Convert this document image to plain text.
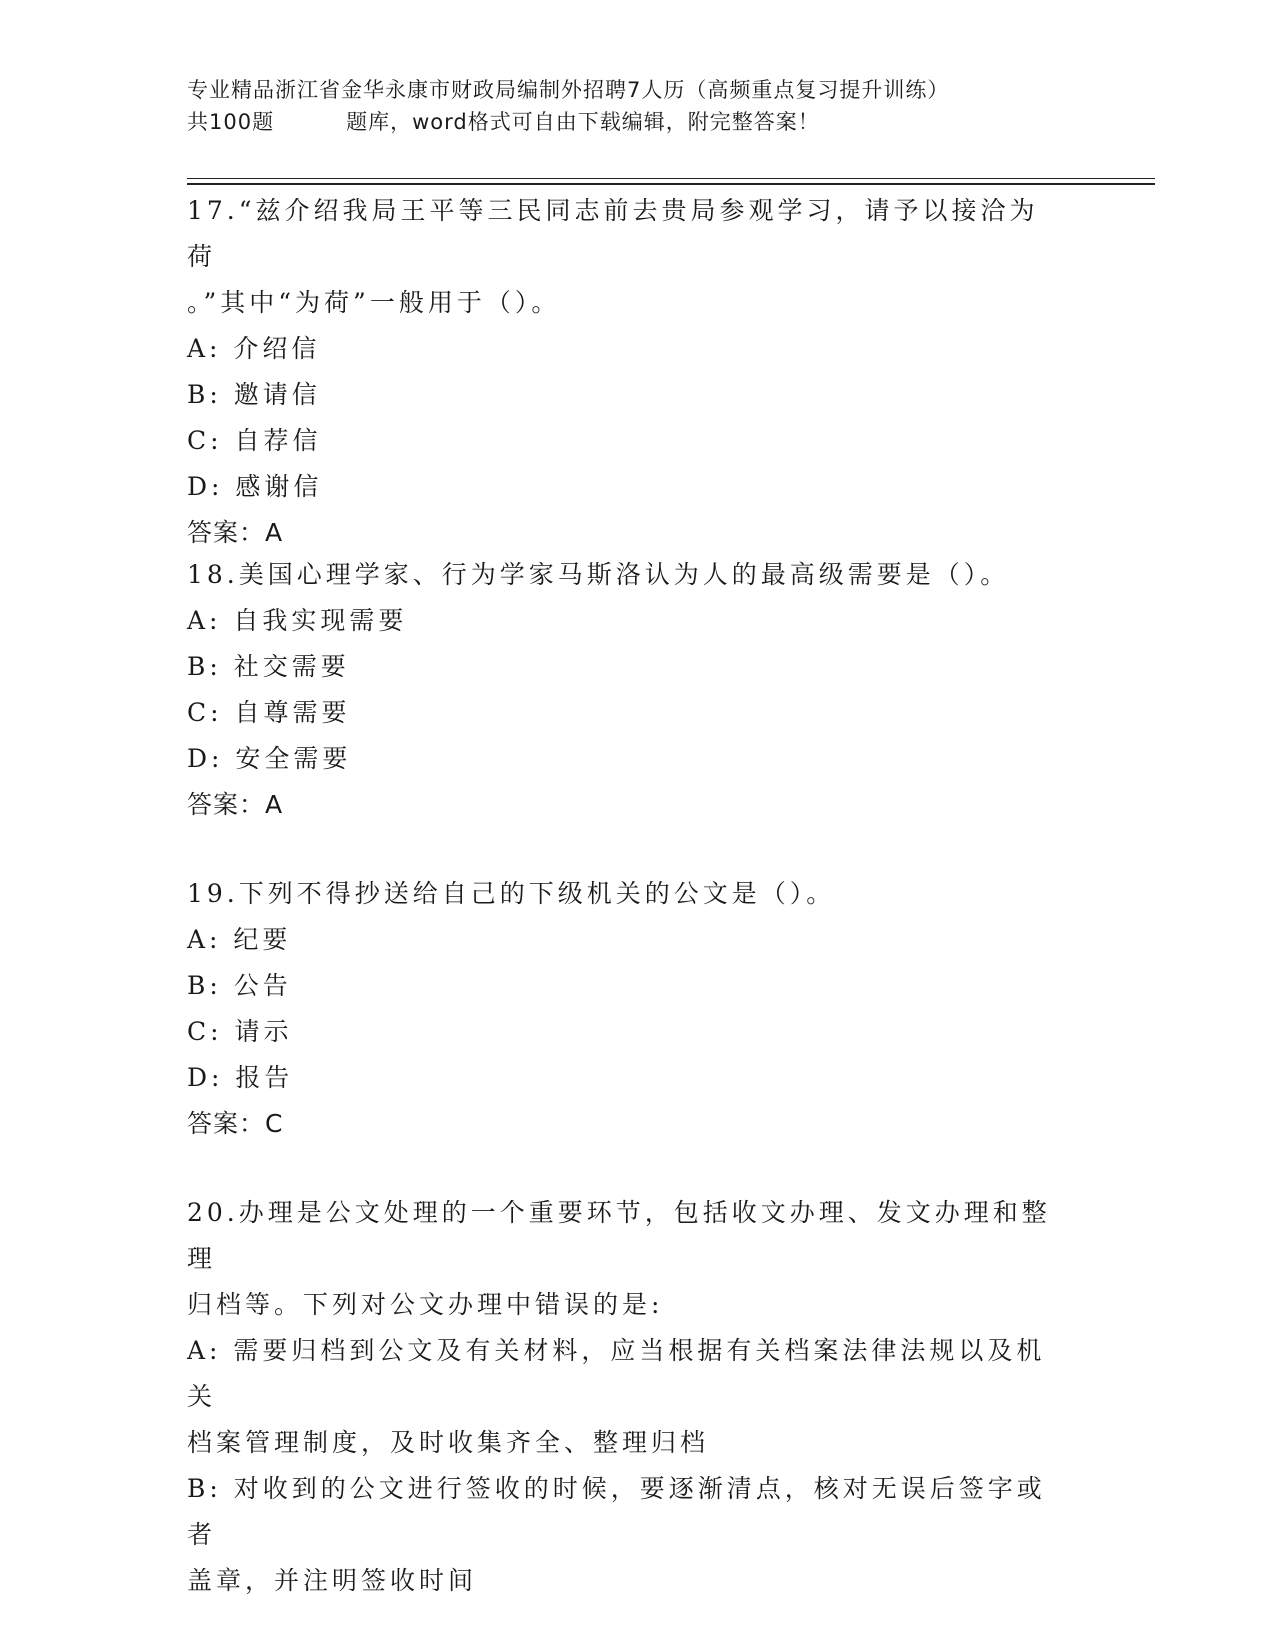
专业精品浙江省金华永康市财政局编制外招聘7人历（高频重点复习提升训练）
共100题	题库，word格式可自由下载编辑，附完整答案！

17.“兹介绍我局王平等三民同志前去贵局参观学习，请予以接洽为荷

。”其中“为荷”一般用于（）。

A: 介绍信

B: 邀请信

C: 自荐信

D: 感谢信

答案：A

18.美国心理学家、行为学家马斯洛认为人的最高级需要是（）。

A: 自我实现需要

B: 社交需要

C: 自尊需要

D: 安全需要

答案：A

19.下列不得抄送给自己的下级机关的公文是（）。

A: 纪要

B: 公告

C: 请示

D: 报告

答案：C

20.办理是公文处理的一个重要环节，包括收文办理、发文办理和整理

归档等。下列对公文办理中错误的是:

A: 需要归档到公文及有关材料，应当根据有关档案法律法规以及机关

档案管理制度，及时收集齐全、整理归档

B: 对收到的公文进行签收的时候，要逐渐清点，核对无误后签字或者

盖章，并注明签收时间
